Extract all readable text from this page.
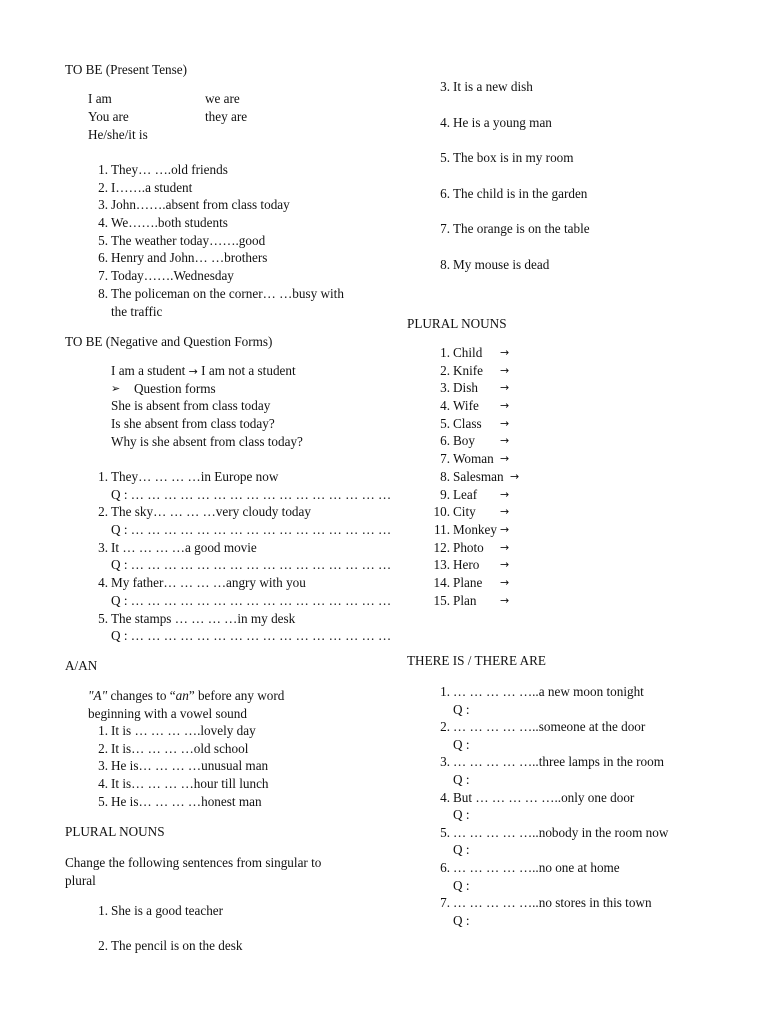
TO BE (Present Tense)
I am	we are
You are	they are
He/she/it is
1. They… ….old friends
2. I…….a student
3. John…….absent from class today
4. We…….both students
5. The weather today…….good
6. Henry and John… …brothers
7. Today…….Wednesday
8. The policeman on the corner… …busy with
the traffic
TO BE (Negative and Question Forms)
I am a student → I am not a student
➢ Question forms
She is absent from class today
Is she absent from class today?
Why is she absent from class today?
1. They… … … …in Europe now
Q : … … … … … … … … … … … … … … … …
2. The sky… … … …very cloudy today
Q : … … … … … … … … … … … … … … … …
3. It … … … …a good movie
Q : … … … … … … … … … … … … … … … …
4. My father… … … …angry with you
Q : … … … … … … … … … … … … … … … …
5. The stamps … … … …in my desk
Q : … … … … … … … … … … … … … … … …
A/AN
"A" changes to “an” before any word
beginning with a vowel sound
1. It is … … … ….lovely day
2. It is… … … …old school
3. He is… … … …unusual man
4. It is… … … …hour till lunch
5. He is… … … …honest man
PLURAL NOUNS
Change the following sentences from singular to
plural
1. She is a good teacher
2. The pencil is on the desk
3. It is a new dish
4. He is a young man
5. The box is in my room
6. The child is in the garden
7. The orange is on the table
8. My mouse is dead
PLURAL NOUNS
1. Child →
2. Knife →
3. Dish →
4. Wife →
5. Class →
6. Boy →
7. Woman →
8. Salesman →
9. Leaf →
10. City →
11. Monkey →
12. Photo →
13. Hero →
14. Plane →
15. Plan →
THERE IS / THERE ARE
1. … … … … …..a new moon tonight
Q :
2. … … … … …..someone at the door
Q :
3. … … … … …..three lamps in the room
Q :
4. But … … … … …..only one door
Q :
5. … … … … …..nobody in the room now
Q :
6. … … … … …..no one at home
Q :
7. … … … … …..no stores in this town
Q :
